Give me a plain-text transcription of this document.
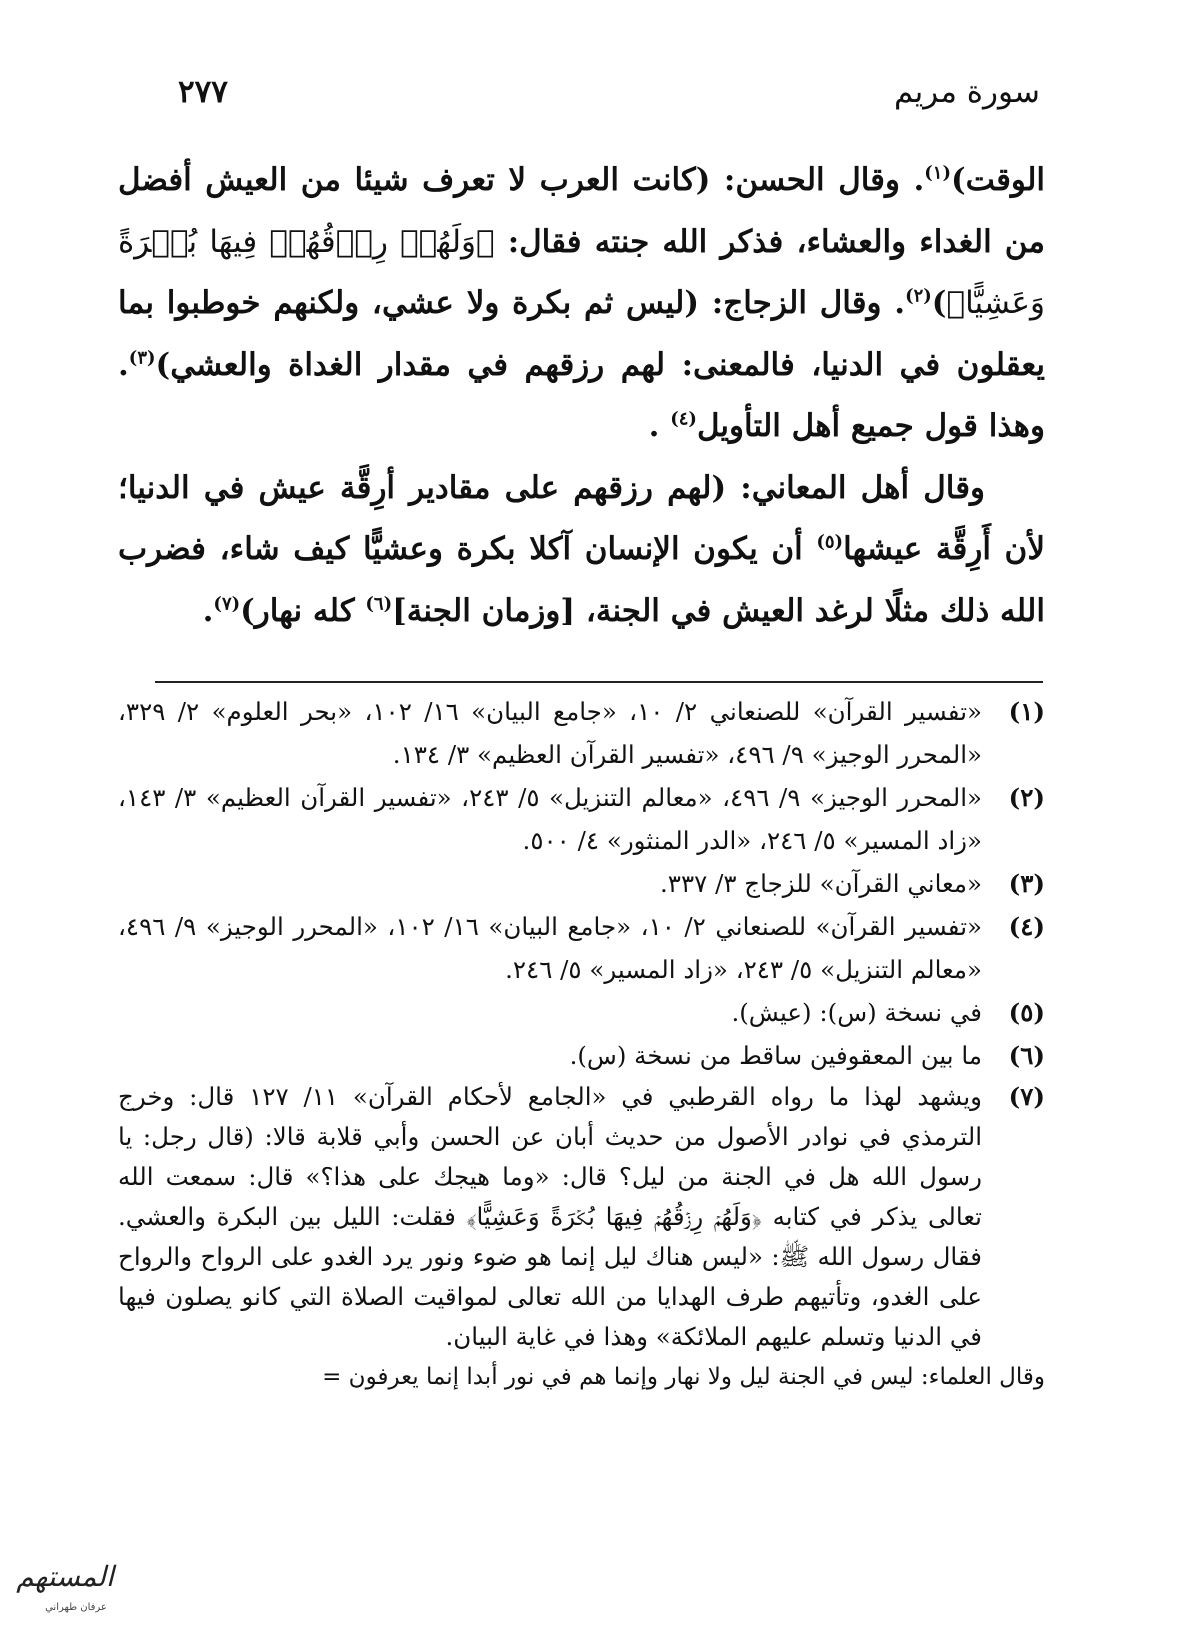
سورة مريم
٢٧٧

الوقت)$^{(١)}$. وقال الحسن: (كانت العرب لا تعرف شيئا من العيش أفضل من الغداء والعشاء، فذكر الله جنته فقال: ﴿وَلَهُمۡ رِزۡقُهُمۡ فِيهَا بُكۡرَةً وَعَشِيًّا﴾)$^{(٢)}$. وقال الزجاج: (ليس ثم بكرة ولا عشي، ولكنهم خوطبوا بما يعقلون في الدنيا، فالمعنى: لهم رزقهم في مقدار الغداة والعشي)$^{(٣)}$. وهذا قول جميع أهل التأويل$^{(٤)}$ .

وقال أهل المعاني: (لهم رزقهم على مقادير أرِقَّة عيش في الدنيا؛ لأن أَرِقَّة عيشها$^{(٥)}$ أن يكون الإنسان آكلا بكرة وعشيًّا كيف شاء، فضرب الله ذلك مثلًا لرغد العيش في الجنة، [وزمان الجنة]$^{(٦)}$ كله نهار)$^{(٧)}$.

(١)
«تفسير القرآن» للصنعاني ٢/ ١٠، «جامع البيان» ١٦/ ١٠٢، «بحر العلوم» ٢/ ٣٢٩، «المحرر الوجيز» ٩/ ٤٩٦، «تفسير القرآن العظيم» ٣/ ١٣٤.
(٢)
«المحرر الوجيز» ٩/ ٤٩٦، «معالم التنزيل» ٥/ ٢٤٣، «تفسير القرآن العظيم» ٣/ ١٤٣، «زاد المسير» ٥/ ٢٤٦، «الدر المنثور» ٤/ ٥٠٠.
(٣)
«معاني القرآن» للزجاج ٣/ ٣٣٧.
(٤)
«تفسير القرآن» للصنعاني ٢/ ١٠، «جامع البيان» ١٦/ ١٠٢، «المحرر الوجيز» ٩/ ٤٩٦، «معالم التنزيل» ٥/ ٢٤٣، «زاد المسير» ٥/ ٢٤٦.
(٥)
في نسخة (س): (عيش).
(٦)
ما بين المعقوفين ساقط من نسخة (س).
(٧)
ويشهد لهذا ما رواه القرطبي في «الجامع لأحكام القرآن» ١١/ ١٢٧ قال: وخرج الترمذي في نوادر الأصول من حديث أبان عن الحسن وأبي قلابة قالا: (قال رجل: يا رسول الله هل في الجنة من ليل؟ قال: «وما هيجك على هذا؟» قال: سمعت الله تعالى يذكر في كتابه ﴿وَلَهُمۡ رِزۡقُهُمۡ فِيهَا بُكۡرَةً وَعَشِيًّا﴾ فقلت: الليل بين البكرة والعشي. فقال رسول الله ﷺ: «ليس هناك ليل إنما هو ضوء ونور يرد الغدو على الرواح والرواح على الغدو، وتأتيهم طرف الهدايا من الله تعالى لمواقيت الصلاة التي كانو يصلون فيها في الدنيا وتسلم عليهم الملائكة» وهذا في غاية البيان.
وقال العلماء: ليس في الجنة ليل ولا نهار وإنما هم في نور أبدا إنما يعرفون =
المستهم
عرفان طهراني
